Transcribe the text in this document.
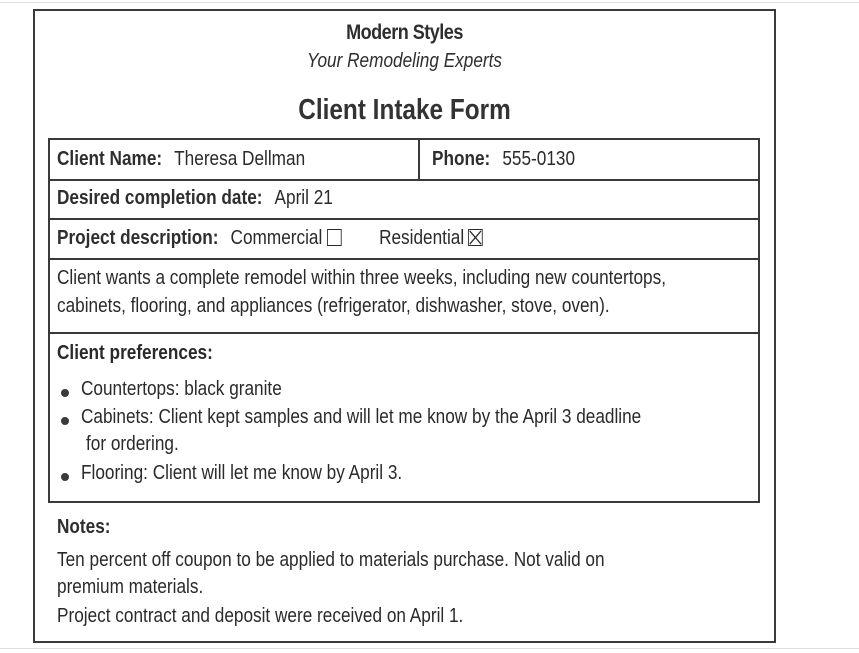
Modern Styles
Your Remodeling Experts
Client Intake Form
Client Name: Theresa Dellman	Phone: 555-0130
Desired completion date: April 21
Project description: Commercial	Residential
Client wants a complete remodel within three weeks, including new countertops,
cabinets, flooring, and appliances (refrigerator, dishwasher, stove, oven).
Client preferences:
Countertops: black granite
Cabinets: Client kept samples and will let me know by the April 3 deadline
for ordering.
Flooring: Client will let me know by April 3.
Notes:
Ten percent off coupon to be applied to materials purchase. Not valid on
premium materials.
Project contract and deposit were received on April 1.
